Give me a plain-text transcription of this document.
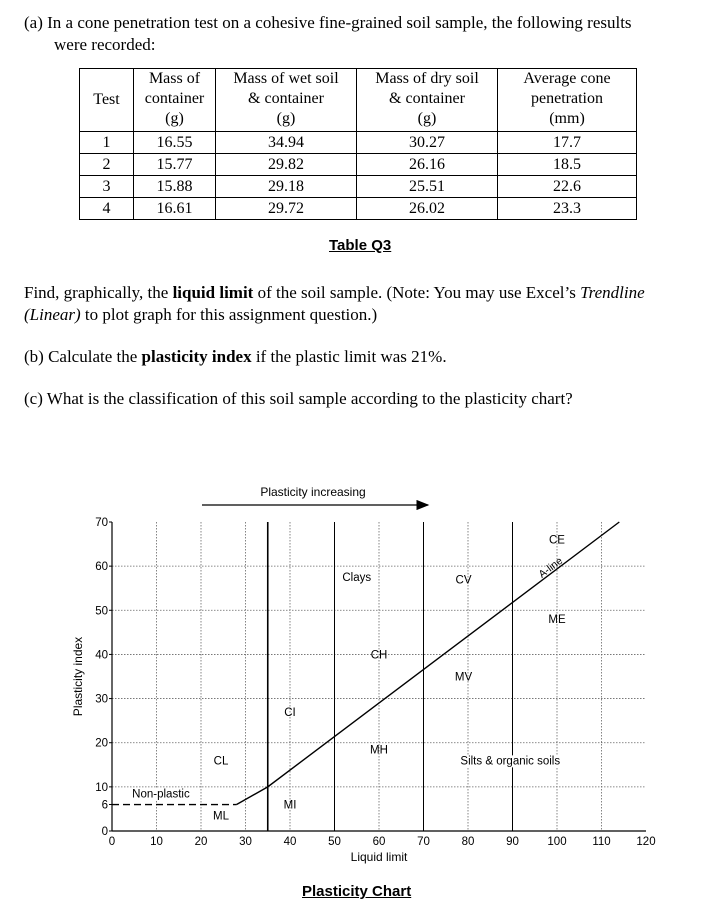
(a) In a cone penetration test on a cohesive fine-grained soil sample, the following results
were recorded:
Test	Mass of
container
(g)	Mass of wet soil
& container
(g)	Mass of dry soil
& container
(g)	Average cone
penetration
(mm)
1	16.55	34.94	30.27	17.7
2	15.77	29.82	26.16	18.5
3	15.88	29.18	25.51	22.6
4	16.61	29.72	26.02	23.3
Table Q3
Find, graphically, the liquid limit of the soil sample. (Note: You may use Excel’s Trendline
(Linear) to plot graph for this assignment question.)
(b) Calculate the plasticity index if the plastic limit was 21%.
(c) What is the classification of this soil sample according to the plasticity chart?
Plasticity increasing
0	10	20	30	40	50	60	70	80	90 100 110 120
0
6
10
20
30
40
50
60
70
Non-plastic
CL
ML
CI
MI
Clays
CH
MH
CV
MV
CE
ME
Silts & organic soils
A-line
Liquid limit
Plasticity index
Plasticity Chart
